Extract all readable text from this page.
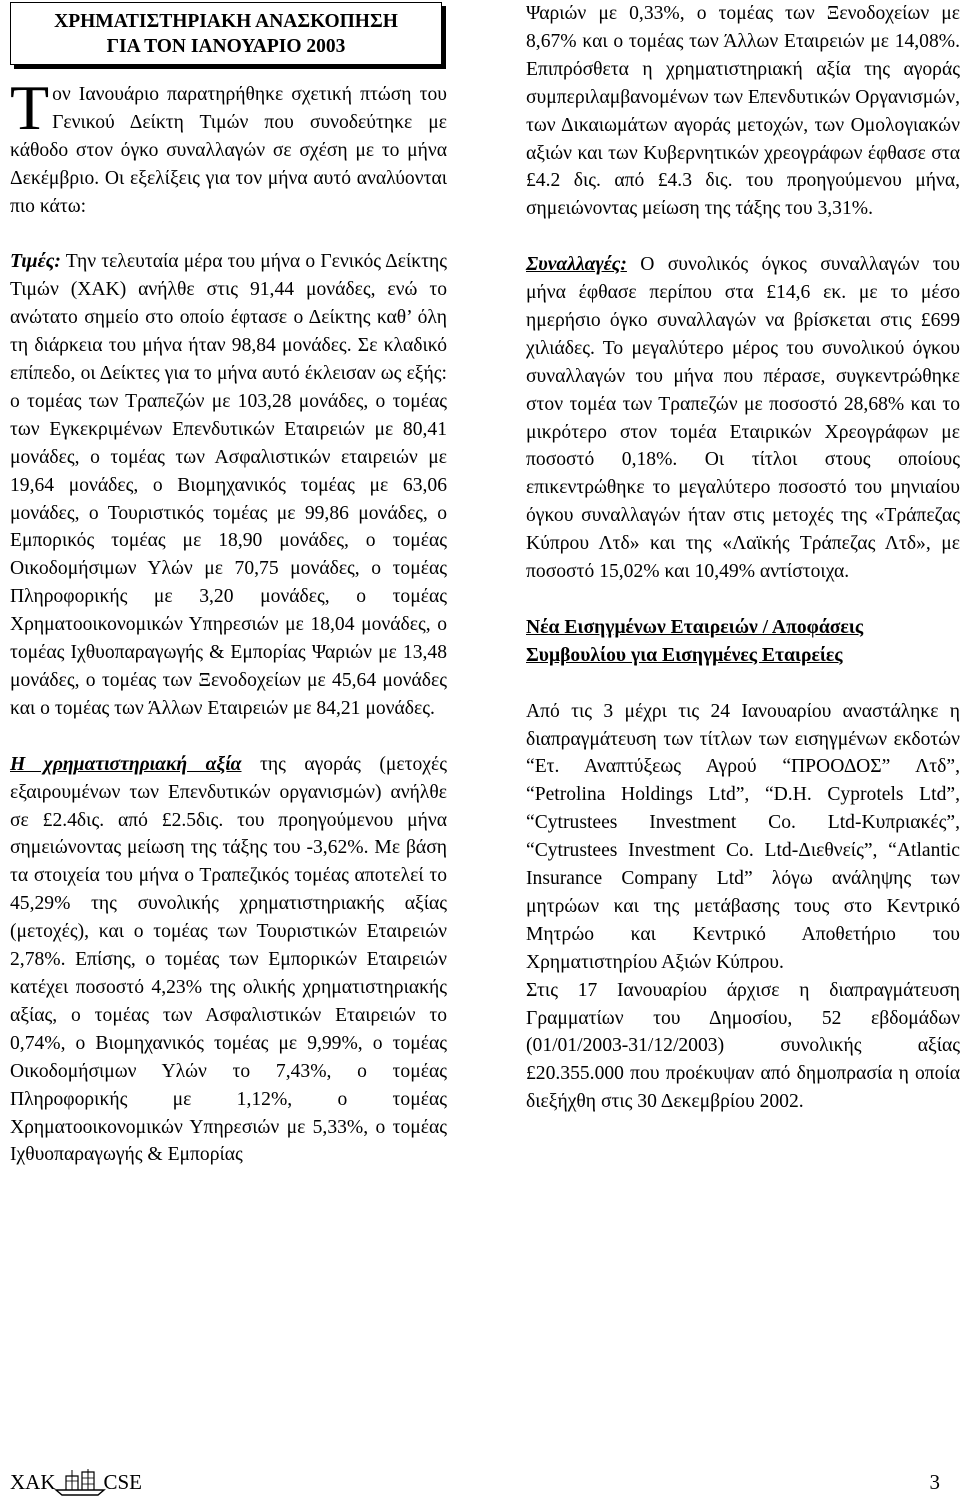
ΧΡΗΜΑΤΙΣΤΗΡΙΑΚΗ ΑΝΑΣΚΟΠΗΣΗ
ΓΙΑ ΤΟΝ ΙΑΝΟΥΑΡΙΟ 2003

Τον Ιανουάριο παρατηρήθηκε σχετική πτώση του Γενικού Δείκτη Τιμών που συνοδεύτηκε με κάθοδο στον όγκο συναλλαγών σε σχέση με το μήνα Δεκέμβριο. Οι εξελίξεις για τον μήνα αυτό αναλύονται πιο κάτω:

Τιμές: Την τελευταία μέρα του μήνα ο Γενικός Δείκτης Τιμών (ΧΑΚ) ανήλθε στις 91,44 μονάδες, ενώ το ανώτατο σημείο στο οποίο έφτασε ο Δείκτης καθ’ όλη τη διάρκεια του μήνα ήταν 98,84 μονάδες. Σε κλαδικό επίπεδο, οι Δείκτες για το μήνα αυτό έκλεισαν ως εξής: ο τομέας των Τραπεζών με 103,28 μονάδες, ο τομέας των Εγκεκριμένων Επενδυτικών Εταιρειών με 80,41 μονάδες, ο τομέας των Ασφαλιστικών εταιρειών με 19,64 μονάδες, ο Βιομηχανικός τομέας με 63,06 μονάδες, ο Τουριστικός τομέας με 99,86 μονάδες, ο Εμπορικός τομέας με 18,90 μονάδες, ο τομέας Οικοδομήσιμων Υλών με 70,75 μονάδες, ο τομέας Πληροφορικής με 3,20 μονάδες, ο τομέας Χρηματοοικονομικών Υπηρεσιών με 18,04 μονάδες, ο τομέας Ιχθυοπαραγωγής & Εμπορίας Ψαριών με 13,48 μονάδες, ο τομέας των Ξενοδοχείων με 45,64 μονάδες και ο τομέας των Άλλων Εταιρειών με 84,21 μονάδες.

Η χρηματιστηριακή αξία της αγοράς (μετοχές εξαιρουμένων των Επενδυτικών οργανισμών) ανήλθε σε £2.4δις. από £2.5δις. του προηγούμενου μήνα σημειώνοντας μείωση της τάξης του -3,62%. Με βάση τα στοιχεία του μήνα ο Τραπεζικός τομέας αποτελεί το 45,29% της συνολικής χρηματιστηριακής αξίας (μετοχές), και ο τομέας των Τουριστικών Εταιρειών 2,78%. Επίσης, ο τομέας των Εμπορικών Εταιρειών κατέχει ποσοστό 4,23% της ολικής χρηματιστηριακής αξίας, ο τομέας των Ασφαλιστικών Εταιρειών το 0,74%, ο Βιομηχανικός τομέας με 9,99%, ο τομέας Οικοδομήσιμων Υλών το 7,43%, ο τομέας Πληροφορικής με 1,12%, ο τομέας Χρηματοοικονομικών Υπηρεσιών με 5,33%, ο τομέας Ιχθυοπαραγωγής & Εμπορίας

Ψαριών με 0,33%, ο τομέας των Ξενοδοχείων με 8,67% και ο τομέας των Άλλων Εταιρειών με 14,08%. Επιπρόσθετα η χρηματιστηριακή αξία της αγοράς συμπεριλαμβανομένων των Επενδυτικών Οργανισμών, των Δικαιωμάτων αγοράς μετοχών, των Ομολογιακών αξιών και των Κυβερνητικών χρεογράφων έφθασε στα £4.2 δις. από £4.3 δις. του προηγούμενου μήνα, σημειώνοντας μείωση της τάξης του 3,31%.

Συναλλαγές: Ο συνολικός όγκος συναλλαγών του μήνα έφθασε περίπου στα £14,6 εκ. με το μέσο ημερήσιο όγκο συναλλαγών να βρίσκεται στις £699 χιλιάδες. Το μεγαλύτερο μέρος του συνολικού όγκου συναλλαγών του μήνα που πέρασε, συγκεντρώθηκε στον τομέα των Τραπεζών με ποσοστό 28,68% και το μικρότερο στον τομέα Εταιρικών Χρεογράφων με ποσοστό 0,18%. Οι τίτλοι στους οποίους επικεντρώθηκε το μεγαλύτερο ποσοστό του μηνιαίου όγκου συναλλαγών ήταν στις μετοχές της «Τράπεζας Κύπρου Λτδ» και της «Λαϊκής Τράπεζας Λτδ», με ποσοστό 15,02% και 10,49% αντίστοιχα.

Νέα Εισηγμένων Εταιρειών / Αποφάσεις
Συμβουλίου για Εισηγμένες Εταιρείες

Από τις 3 μέχρι τις 24 Ιανουαρίου αναστάληκε η διαπραγμάτευση των τίτλων των εισηγμένων εκδοτών “Ετ. Αναπτύξεως Αγρού “ΠΡΟΟΔΟΣ” Λτδ”, “Petrolina Holdings Ltd”, “D.H. Cyprotels Ltd”, “Cytrustees Investment Co. Ltd-Κυπριακές”, “Cytrustees Investment Co. Ltd-Διεθνείς”, “Atlantic Insurance Company Ltd” λόγω ανάληψης των μητρώων και της μετάβασης τους στο Κεντρικό Μητρώο και Κεντρικό Αποθετήριο του Χρηματιστηρίου Αξιών Κύπρου.

Στις 17 Ιανουαρίου άρχισε η διαπραγμάτευση Γραμματίων του Δημοσίου, 52 εβδομάδων (01/01/2003-31/12/2003) συνολικής αξίας £20.355.000 που προέκυψαν από δημοπρασία η οποία διεξήχθη στις 30 Δεκεμβρίου 2002.

XAK CSE	3
